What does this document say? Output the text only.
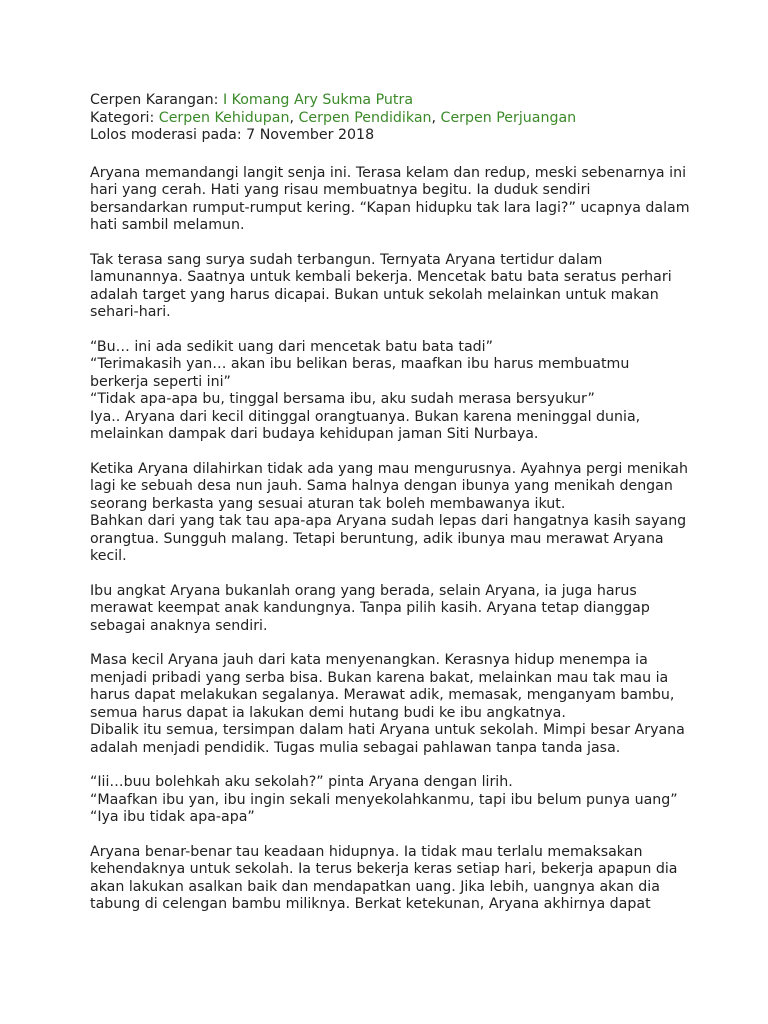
Cerpen Karangan: I Komang Ary Sukma Putra

Kategori: Cerpen Kehidupan, Cerpen Pendidikan, Cerpen Perjuangan

Lolos moderasi pada: 7 November 2018

Aryana memandangi langit senja ini. Terasa kelam dan redup, meski sebenarnya ini
hari yang cerah. Hati yang risau membuatnya begitu. Ia duduk sendiri
bersandarkan rumput-rumput kering. “Kapan hidupku tak lara lagi?” ucapnya dalam
hati sambil melamun.

Tak terasa sang surya sudah terbangun. Ternyata Aryana tertidur dalam
lamunannya. Saatnya untuk kembali bekerja. Mencetak batu bata seratus perhari
adalah target yang harus dicapai. Bukan untuk sekolah melainkan untuk makan
sehari-hari.

“Bu… ini ada sedikit uang dari mencetak batu bata tadi”
“Terimakasih yan… akan ibu belikan beras, maafkan ibu harus membuatmu
berkerja seperti ini”
“Tidak apa-apa bu, tinggal bersama ibu, aku sudah merasa bersyukur”
Iya.. Aryana dari kecil ditinggal orangtuanya. Bukan karena meninggal dunia,
melainkan dampak dari budaya kehidupan jaman Siti Nurbaya.

Ketika Aryana dilahirkan tidak ada yang mau mengurusnya. Ayahnya pergi menikah
lagi ke sebuah desa nun jauh. Sama halnya dengan ibunya yang menikah dengan
seorang berkasta yang sesuai aturan tak boleh membawanya ikut.
Bahkan dari yang tak tau apa-apa Aryana sudah lepas dari hangatnya kasih sayang
orangtua. Sungguh malang. Tetapi beruntung, adik ibunya mau merawat Aryana
kecil.

Ibu angkat Aryana bukanlah orang yang berada, selain Aryana, ia juga harus
merawat keempat anak kandungnya. Tanpa pilih kasih. Aryana tetap dianggap
sebagai anaknya sendiri.

Masa kecil Aryana jauh dari kata menyenangkan. Kerasnya hidup menempa ia
menjadi pribadi yang serba bisa. Bukan karena bakat, melainkan mau tak mau ia
harus dapat melakukan segalanya. Merawat adik, memasak, menganyam bambu,
semua harus dapat ia lakukan demi hutang budi ke ibu angkatnya.
Dibalik itu semua, tersimpan dalam hati Aryana untuk sekolah. Mimpi besar Aryana
adalah menjadi pendidik. Tugas mulia sebagai pahlawan tanpa tanda jasa.

“Iii…buu bolehkah aku sekolah?” pinta Aryana dengan lirih.
“Maafkan ibu yan, ibu ingin sekali menyekolahkanmu, tapi ibu belum punya uang”
“Iya ibu tidak apa-apa”

Aryana benar-benar tau keadaan hidupnya. Ia tidak mau terlalu memaksakan
kehendaknya untuk sekolah. Ia terus bekerja keras setiap hari, bekerja apapun dia
akan lakukan asalkan baik dan mendapatkan uang. Jika lebih, uangnya akan dia
tabung di celengan bambu miliknya. Berkat ketekunan, Aryana akhirnya dapat
